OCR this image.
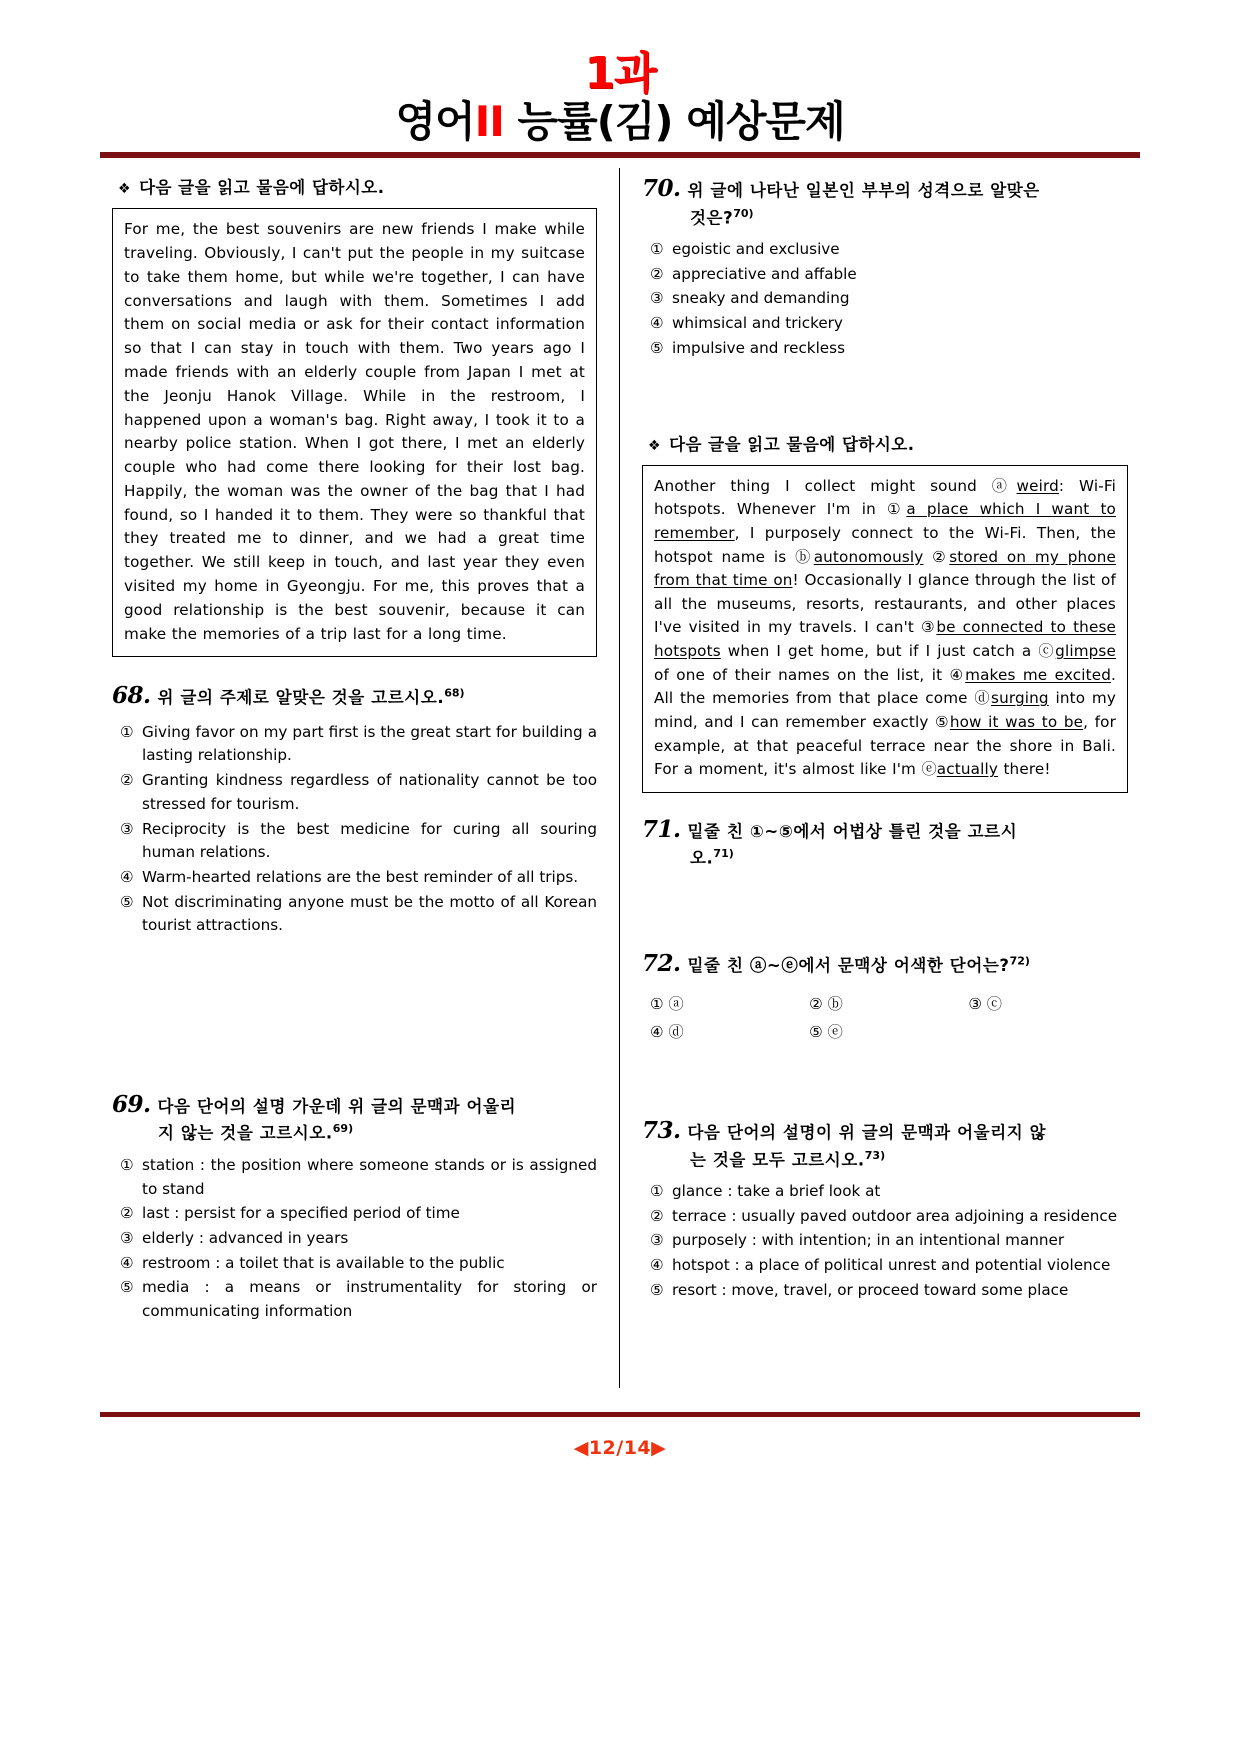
1과
영어II 능률(김) 예상문제
❖ 다음 글을 읽고 물음에 답하시오.
For me, the best souvenirs are new friends I make while traveling. Obviously, I can't put the people in my suitcase to take them home, but while we're together, I can have conversations and laugh with them. Sometimes I add them on social media or ask for their contact information so that I can stay in touch with them. Two years ago I made friends with an elderly couple from Japan I met at the Jeonju Hanok Village. While in the restroom, I happened upon a woman's bag. Right away, I took it to a nearby police station. When I got there, I met an elderly couple who had come there looking for their lost bag. Happily, the woman was the owner of the bag that I had found, so I handed it to them. They were so thankful that they treated me to dinner, and we had a great time together. We still keep in touch, and last year they even visited my home in Gyeongju. For me, this proves that a good relationship is the best souvenir, because it can make the memories of a trip last for a long time.
68. 위 글의 주제로 알맞은 것을 고르시오.$^{68)}$
① Giving favor on my part first is the great start for building a lasting relationship.
② Granting kindness regardless of nationality cannot be too stressed for tourism.
③ Reciprocity is the best medicine for curing all souring human relations.
④ Warm-hearted relations are the best reminder of all trips.
⑤ Not discriminating anyone must be the motto of all Korean tourist attractions.
69. 다음 단어의 설명 가운데 위 글의 문맥과 어울리
지 않는 것을 고르시오.$^{69)}$
① station : the position where someone stands or is assigned to stand
② last : persist for a specified period of time
③ elderly : advanced in years
④ restroom : a toilet that is available to the public
⑤ media : a means or instrumentality for storing or communicating information
70. 위 글에 나타난 일본인 부부의 성격으로 알맞은
것은?$^{70)}$
① egoistic and exclusive
② appreciative and affable
③ sneaky and demanding
④ whimsical and trickery
⑤ impulsive and reckless
❖ 다음 글을 읽고 물음에 답하시오.
Another thing I collect might sound ⓐweird: Wi-Fi hotspots. Whenever I'm in ①a place which I want to remember, I purposely connect to the Wi-Fi. Then, the hotspot name is ⓑautonomously ②stored on my phone from that time on! Occasionally I glance through the list of all the museums, resorts, restaurants, and other places I've visited in my travels. I can't ③be connected to these hotspots when I get home, but if I just catch a ⓒglimpse of one of their names on the list, it ④makes me excited. All the memories from that place come ⓓsurging into my mind, and I can remember exactly ⑤how it was to be, for example, at that peaceful terrace near the shore in Bali. For a moment, it's almost like I'm ⓔactually there!
71. 밑줄 친 ①~⑤에서 어법상 틀린 것을 고르시
오.$^{71)}$
72. 밑줄 친 ⓐ~ⓔ에서 문맥상 어색한 단어는?$^{72)}$
① ⓐ	② ⓑ	③ ⓒ
④ ⓓ	⑤ ⓔ
73. 다음 단어의 설명이 위 글의 문맥과 어울리지 않
는 것을 모두 고르시오.$^{73)}$
① glance : take a brief look at
② terrace : usually paved outdoor area adjoining a residence
③ purposely : with intention; in an intentional manner
④ hotspot : a place of political unrest and potential violence
⑤ resort : move, travel, or proceed toward some place
◀12/14▶
